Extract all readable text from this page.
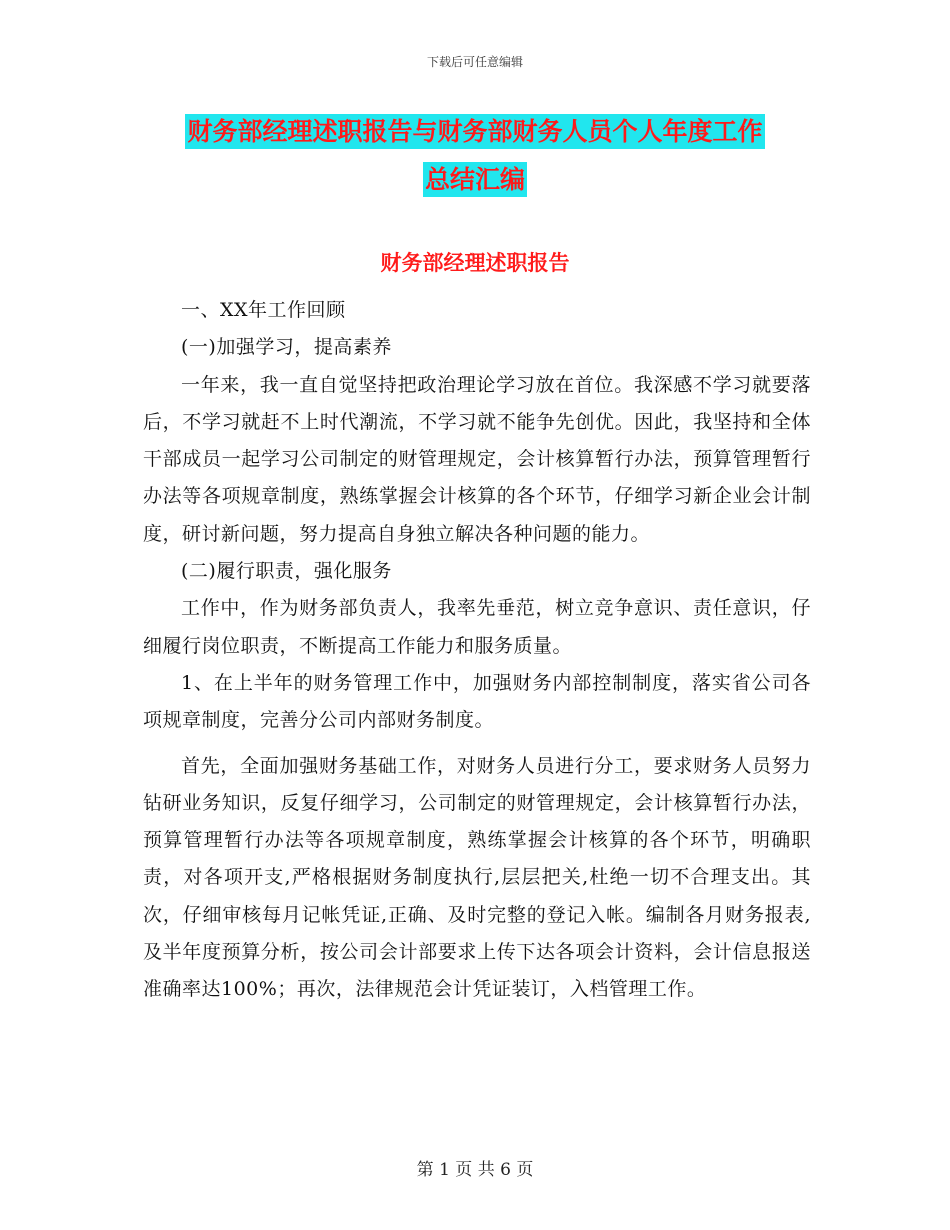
下载后可任意编辑
财务部经理述职报告与财务部财务人员个人年度工作
总结汇编
财务部经理述职报告

一、XX年工作回顾

(一)加强学习，提高素养

一年来，我一直自觉坚持把政治理论学习放在首位。我深感不学习就要落后，不学习就赶不上时代潮流，不学习就不能争先创优。因此，我坚持和全体干部成员一起学习公司制定的财管理规定，会计核算暂行办法，预算管理暂行办法等各项规章制度，熟练掌握会计核算的各个环节，仔细学习新企业会计制度，研讨新问题，努力提高自身独立解决各种问题的能力。

(二)履行职责，强化服务

工作中，作为财务部负责人，我率先垂范，树立竞争意识、责任意识，仔细履行岗位职责，不断提高工作能力和服务质量。

1、在上半年的财务管理工作中，加强财务内部控制制度，落实省公司各项规章制度，完善分公司内部财务制度。

首先，全面加强财务基础工作，对财务人员进行分工，要求财务人员努力钻研业务知识，反复仔细学习，公司制定的财管理规定，会计核算暂行办法，预算管理暂行办法等各项规章制度，熟练掌握会计核算的各个环节，明确职责，对各项开支,严格根据财务制度执行,层层把关,杜绝一切不合理支出。其次，仔细审核每月记帐凭证,正确、及时完整的登记入帐。编制各月财务报表,及半年度预算分析，按公司会计部要求上传下达各项会计资料，会计信息报送准确率达100%；再次，法律规范会计凭证装订，入档管理工作。

第 1 页 共 6 页
